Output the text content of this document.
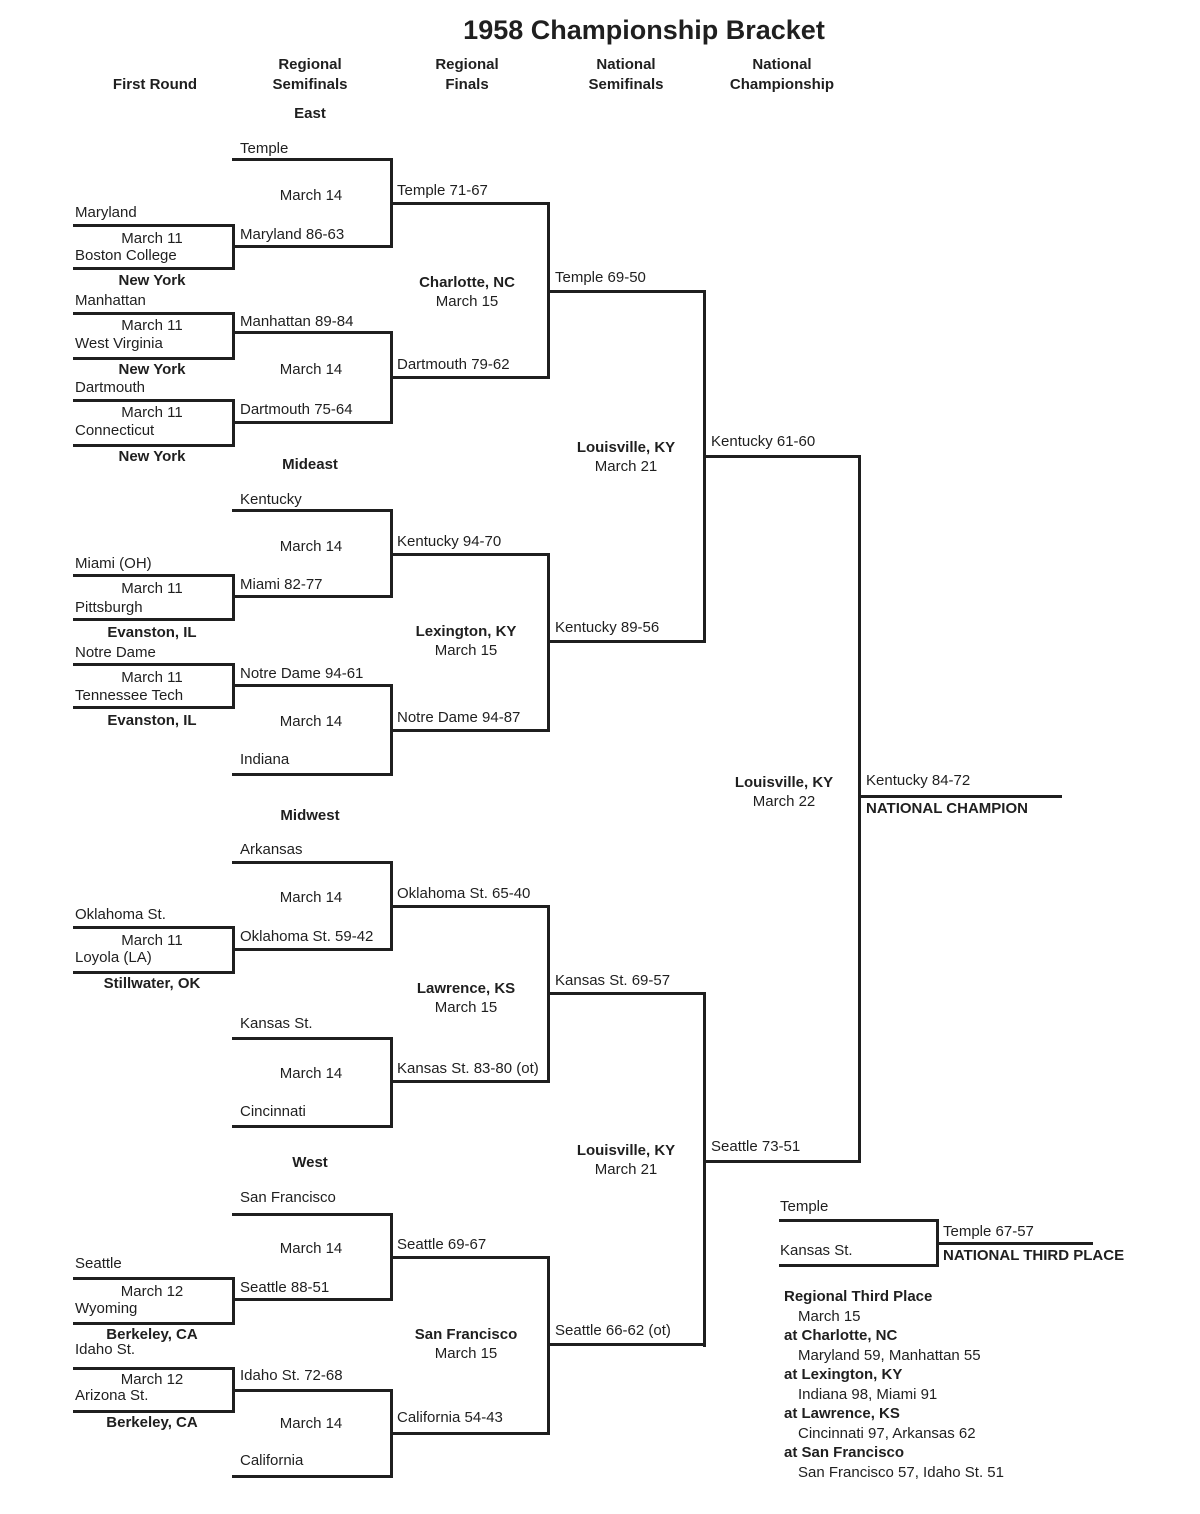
1958 Championship Bracket
First Round
Regional
Semifinals
Regional
Finals
National
Semifinals
National
Championship
East
Temple
March 14	Temple 71-67
Maryland
March 11
Boston College
New York
Maryland 86-63
Manhattan
March 11
West Virginia
New York
Manhattan 89-84
Dartmouth
March 11
Connecticut
New York
Dartmouth 75-64
March 14	Dartmouth 79-62
Charlotte, NC
March 15
Temple 69-50
Mideast
Kentucky
March 14	Kentucky 94-70
Miami (OH)
March 11
Pittsburgh
Evanston, IL
Miami 82-77
Notre Dame
March 11
Tennessee Tech
Evanston, IL
Notre Dame 94-61
March 14
Indiana
Notre Dame 94-87
Lexington, KY
March 15
Kentucky 89-56
Midwest
Arkansas
March 14	Oklahoma St. 65-40
Oklahoma St.
March 11
Loyola (LA)
Stillwater, OK
Oklahoma St. 59-42
Kansas St.
March 14
Cincinnati
Kansas St. 83-80 (ot)
Lawrence, KS
March 15
Kansas St. 69-57
West
San Francisco
March 14	Seattle 69-67
Seattle
March 12
Wyoming
Berkeley, CA
Seattle 88-51
Idaho St.
March 12
Arizona St.
Berkeley, CA
Idaho St. 72-68
March 14
California
California 54-43
San Francisco
March 15
Seattle 66-62 (ot)
Louisville, KY
March 21
Kentucky 61-60
Louisville, KY
March 21
Seattle 73-51
Louisville, KY
March 22
Kentucky 84-72
NATIONAL CHAMPION
Temple
Kansas St.
Temple 67-57
NATIONAL THIRD PLACE
Regional Third Place
March 15
at Charlotte, NC
Maryland 59, Manhattan 55
at Lexington, KY
Indiana 98, Miami 91
at Lawrence, KS
Cincinnati 97, Arkansas 62
at San Francisco
San Francisco 57, Idaho St. 51
